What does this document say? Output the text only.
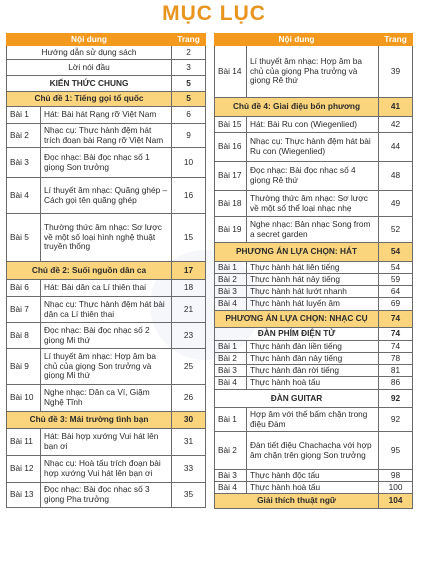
MỤC LỤC
Nội dung		Trang
Hướng dẫn sử dụng sách		2
Lời nói đầu		3
KIẾN THỨC CHUNG		5
Chủ đề 1: Tiếng gọi tổ quốc		5
Bài 1	Hát: Bài hát Rạng rỡ Việt Nam	6
Bài 2	Nhạc cụ: Thực hành đệm hát trích đoạn bài Rạng rỡ Việt Nam	9
Bài 3	Đọc nhạc: Bài đọc nhạc số 1 giọng Son trưởng	10
Bài 4	Lí thuyết âm nhạc: Quãng ghép – Cách gọi tên quãng ghép	16
Bài 5	Thường thức âm nhạc: Sơ lược về một số loại hình nghệ thuật truyền thống	15
Chủ đề 2: Suối nguồn dân ca		17
Bài 6	Hát: Bài dân ca Lí thiên thai	18
Bài 7	Nhạc cụ: Thực hành đệm hát bài dân ca Lí thiên thai	21
Bài 8	Đọc nhạc: Bài đọc nhạc số 2 giọng Mi thứ	23
Bài 9	Lí thuyết âm nhạc: Hợp âm ba chủ của giọng Son trưởng và giọng Mi thứ	25
Bài 10	Nghe nhạc: Dân ca Ví, Giặm Nghệ Tĩnh	26
Chủ đề 3: Mái trường tình bạn		30
Bài 11	Hát: Bài hợp xướng Vui hát lên bạn ơi	31
Bài 12	Nhạc cụ: Hoà tấu trích đoạn bài hợp xướng Vui hát lên bạn ơi	33
Bài 13	Đọc nhạc: Bài đọc nhạc số 3 giọng Pha trưởng	35
Nội dung		Trang
Bài 14	Lí thuyết âm nhạc: Hợp âm ba chủ của giọng Pha trưởng và giọng Rê thứ	39
Chủ đề 4: Giai điệu bốn phương		41
Bài 15	Hát: Bài Ru con (Wiegenlied)	42
Bài 16	Nhạc cụ: Thực hành đệm hát bài Ru con (Wiegenlied)	44
Bài 17	Đọc nhạc: Bài đọc nhạc số 4 giọng Rê thứ	48
Bài 18	Thường thức âm nhạc: Sơ lược về một số thể loại nhạc nhẹ	49
Bài 19	Nghe nhạc: Bản nhạc Song from a secret garden	52
PHƯƠNG ÁN LỰA CHỌN: HÁT		54
Bài 1	Thực hành hát liên tiếng	54
Bài 2	Thực hành hát nảy tiếng	59
Bài 3	Thực hành hát lướt nhanh	64
Bài 4	Thực hành hát luyến âm	69
PHƯƠNG ÁN LỰA CHỌN: NHẠC CỤ		74
ĐÀN PHÍM ĐIỆN TỬ		74
Bài 1	Thực hành đàn liền tiếng	74
Bài 2	Thực hành đàn nảy tiếng	78
Bài 3	Thực hành đàn rời tiếng	81
Bài 4	Thực hành hoà tấu	86
ĐÀN GUITAR		92
Bài 1	Hợp âm với thế bấm chặn trong điệu Đàm	92
Bài 2	Đàn tiết điệu Chachacha với hợp âm chặn trên giọng Son trưởng	95
Bài 3	Thực hành độc tấu	98
Bài 4	Thực hành hoà tấu	100
Giải thích thuật ngữ		104
